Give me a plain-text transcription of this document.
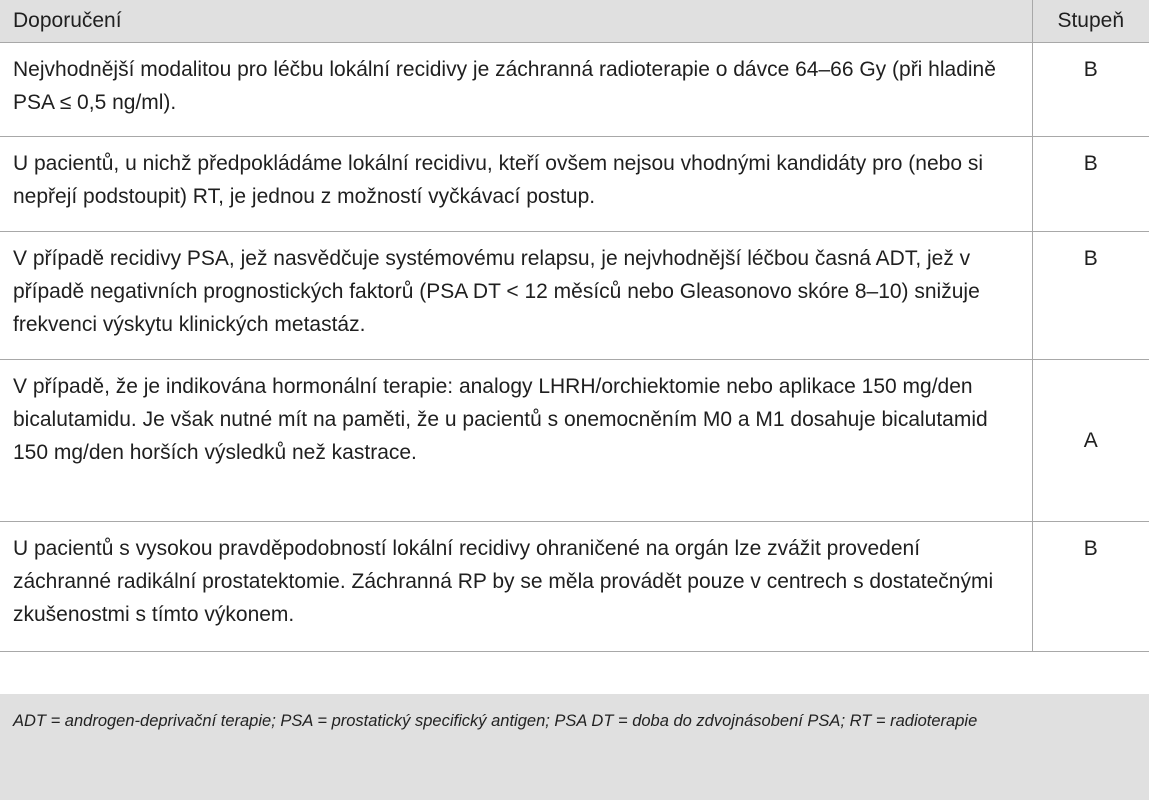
Doporučení	Stupeň
Nejvhodnější modalitou pro léčbu lokální recidivy je záchranná radioterapie o dávce 64–66 Gy (při hladině PSA ≤ 0,5 ng/ml).	B
U pacientů, u nichž předpokládáme lokální recidivu, kteří ovšem nejsou vhodnými kandidáty pro (nebo si nepřejí podstoupit) RT, je jednou z možností vyčkávací postup.	B
V případě recidivy PSA, jež nasvědčuje systémovému relapsu, je nejvhodnější léčbou časná ADT, jež v případě negativních prognostických faktorů (PSA DT < 12 měsíců nebo Gleasonovo skóre 8–10) snižuje frekvenci výskytu klinických metastáz.	B
V případě, že je indikována hormonální terapie: analogy LHRH/orchiektomie nebo aplikace 150 mg/den bicalutamidu. Je však nutné mít na paměti, že u pacientů s onemocněním M0 a M1 dosahuje bicalutamid 150 mg/den horších výsledků než kastrace.	A
U pacientů s vysokou pravděpodobností lokální recidivy ohraničené na orgán lze zvážit provedení záchranné radikální prostatektomie. Záchranná RP by se měla provádět pouze v centrech s dostatečnými zkušenostmi s tímto výkonem.	B

ADT = androgen-deprivační terapie; PSA = prostatický specifický antigen; PSA DT = doba do zdvojnásobení PSA; RT = radioterapie
